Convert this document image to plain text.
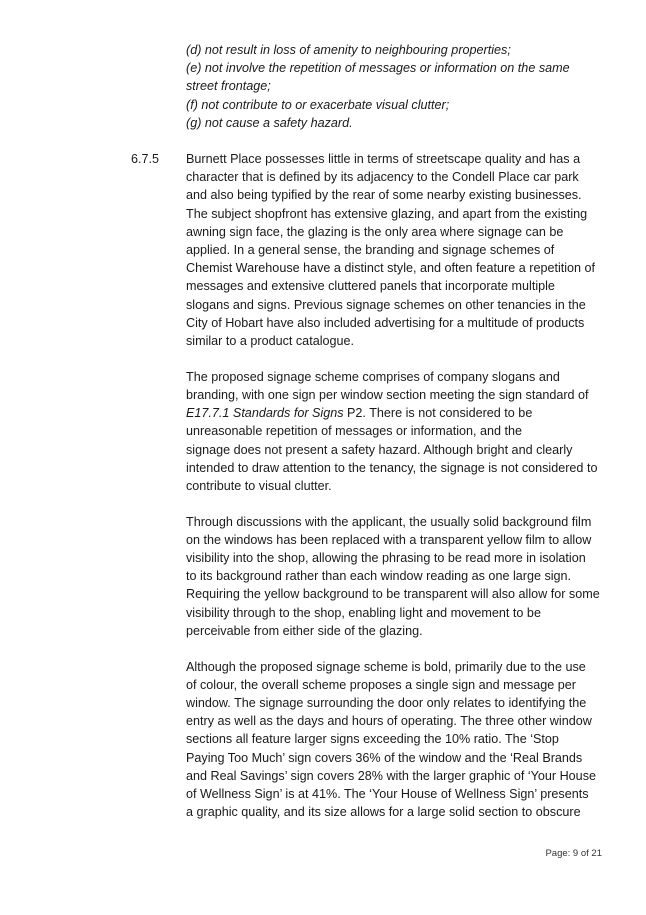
(d) not result in loss of amenity to neighbouring properties;
(e) not involve the repetition of messages or information on the same
street frontage;
(f) not contribute to or exacerbate visual clutter;
(g) not cause a safety hazard.
6.7.5 Burnett Place possesses little in terms of streetscape quality and has a
character that is defined by its adjacency to the Condell Place car park
and also being typified by the rear of some nearby existing businesses.
The subject shopfront has extensive glazing, and apart from the existing
awning sign face, the glazing is the only area where signage can be
applied. In a general sense, the branding and signage schemes of
Chemist Warehouse have a distinct style, and often feature a repetition of
messages and extensive cluttered panels that incorporate multiple
slogans and signs. Previous signage schemes on other tenancies in the
City of Hobart have also included advertising for a multitude of products
similar to a product catalogue.

The proposed signage scheme comprises of company slogans and
branding, with one sign per window section meeting the sign standard of
E17.7.1 Standards for Signs P2. There is not considered to be
unreasonable repetition of messages or information, and the
signage does not present a safety hazard. Although bright and clearly
intended to draw attention to the tenancy, the signage is not considered to
contribute to visual clutter.

Through discussions with the applicant, the usually solid background film
on the windows has been replaced with a transparent yellow film to allow
visibility into the shop, allowing the phrasing to be read more in isolation
to its background rather than each window reading as one large sign.
Requiring the yellow background to be transparent will also allow for some
visibility through to the shop, enabling light and movement to be
perceivable from either side of the glazing.

Although the proposed signage scheme is bold, primarily due to the use
of colour, the overall scheme proposes a single sign and message per
window. The signage surrounding the door only relates to identifying the
entry as well as the days and hours of operating. The three other window
sections all feature larger signs exceeding the 10% ratio. The ‘Stop
Paying Too Much’ sign covers 36% of the window and the ‘Real Brands
and Real Savings’ sign covers 28% with the larger graphic of ‘Your House
of Wellness Sign’ is at 41%. The ‘Your House of Wellness Sign’ presents
a graphic quality, and its size allows for a large solid section to obscure

Page: 9 of 21
